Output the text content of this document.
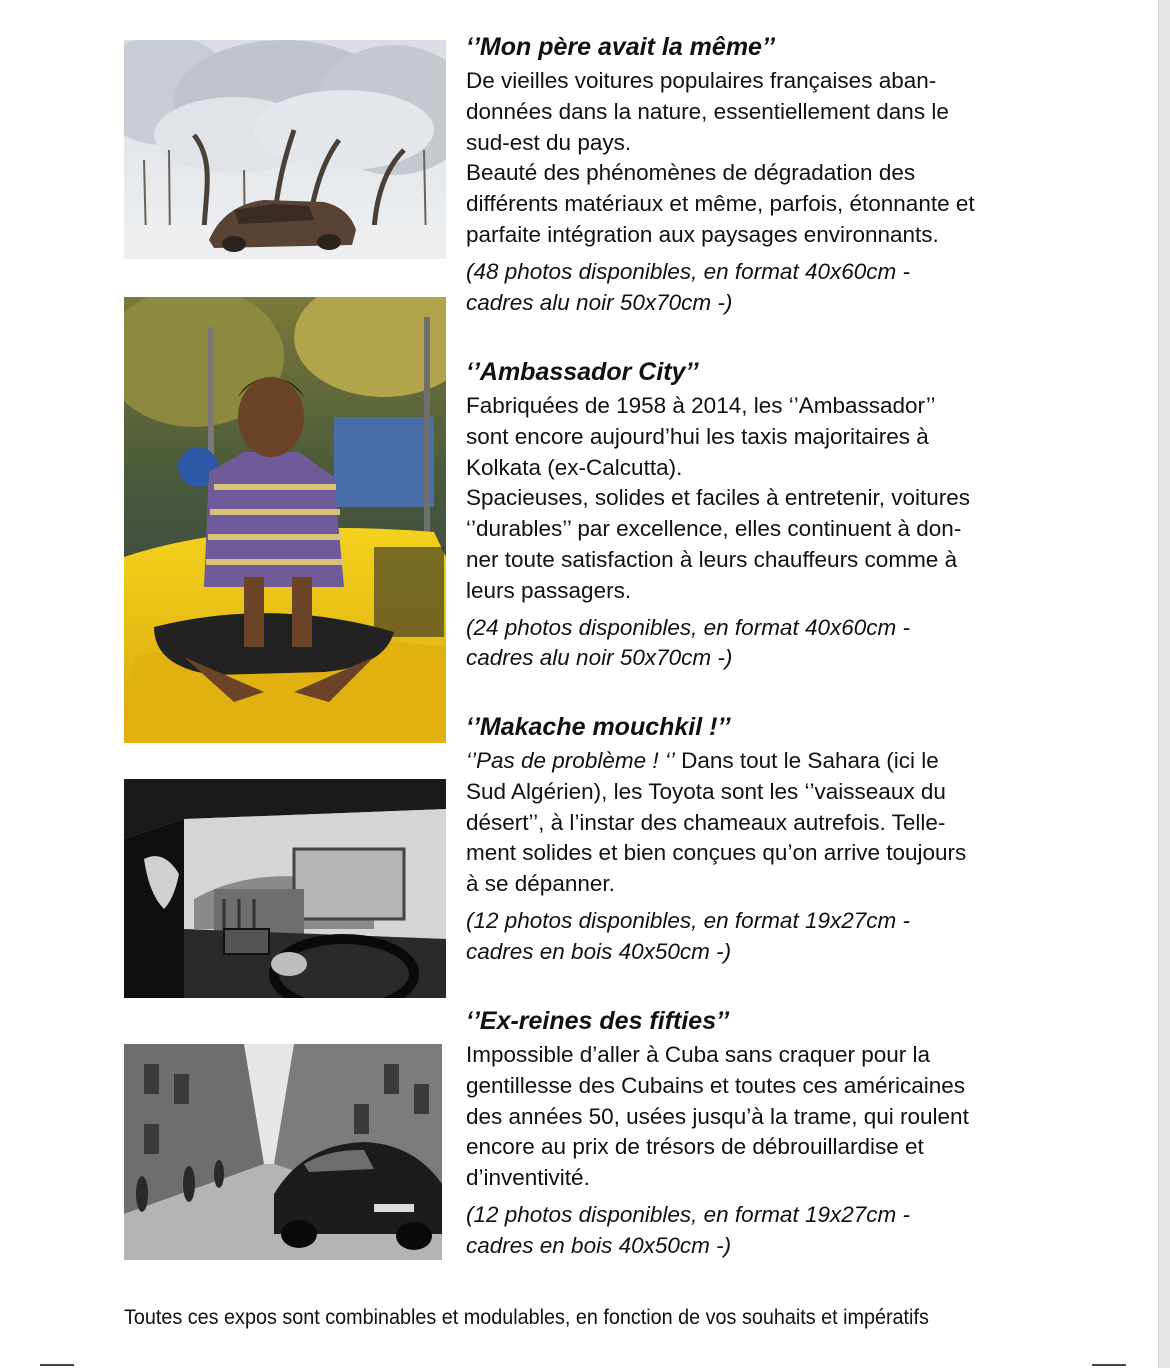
‘’Mon père avait la même’’
De vieilles voitures populaires françaises aban-
données dans la nature, essentiellement dans le
sud-est du pays.
Beauté des phénomènes de dégradation des
différents matériaux et même, parfois, étonnante et
parfaite intégration aux paysages environnants.
(48 photos disponibles, en format 40x60cm -
cadres alu noir 50x70cm -)
‘’Ambassador City’’
Fabriquées de 1958 à 2014, les ‘’Ambassador’’
sont encore aujourd’hui les taxis majoritaires à
Kolkata (ex-Calcutta).
Spacieuses, solides et faciles à entretenir, voitures
‘’durables’’ par excellence, elles continuent à don-
ner toute satisfaction à leurs chauffeurs comme à
leurs passagers.
(24 photos disponibles, en format 40x60cm -
cadres alu noir 50x70cm -)
‘’Makache mouchkil !’’
‘’Pas de problème ! ‘’ Dans tout le Sahara (ici le
Sud Algérien), les Toyota sont les ‘’vaisseaux du
désert’’, à l’instar des chameaux autrefois. Telle-
ment solides et bien conçues qu’on arrive toujours
à se dépanner.
(12 photos disponibles, en format 19x27cm -
cadres en bois 40x50cm -)
‘’Ex-reines des fifties’’
Impossible d’aller à Cuba sans craquer pour la
gentillesse des Cubains et toutes ces américaines
des années 50, usées jusqu’à la trame, qui roulent
encore au prix de trésors de débrouillardise et
d’inventivité.
(12 photos disponibles, en format 19x27cm -
cadres en bois 40x50cm -)
Toutes ces expos sont combinables et modulables, en fonction de vos souhaits et impératifs
